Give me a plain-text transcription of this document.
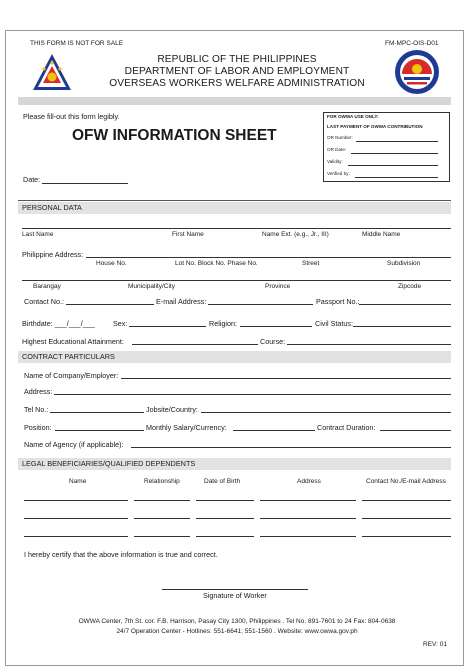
THIS FORM IS NOT FOR SALE	FM-MPC-OIS-D01
REPUBLIC OF THE PHILIPPINES
DEPARTMENT OF LABOR AND EMPLOYMENT
OVERSEAS WORKERS WELFARE ADMINISTRATION
Please fill-out this form legibly.
OFW INFORMATION SHEET
Date:
FOR OWWA USE ONLY:
LAST PAYMENT OF OWWA CONTRIBUTION
OR Number:
OR Date:
Validity:
Verified by:
PERSONAL DATA
Last Name	First Name	Name Ext. (e.g., Jr., III)	Middle Name
Philippine Address:
House No.	Lot No. Block No. Phase No.	Street	Subdivision
Barangay	Municipality/City	Province	Zipcode
Contact No.:	E-mail Address:	Passport No.:
Birthdate: ___/___/___	Sex:	Religion:	Civil Status:
Highest Educational Attainment:	Course:
CONTRACT PARTICULARS
Name of Company/Employer:
Address:
Tel No.:	Jobsite/Country:
Position:	Monthly Salary/Currency:	Contract Duration:
Name of Agency (if applicable):
LEGAL BENEFICIARIES/QUALIFIED DEPENDENTS
Name	Relationship	Date of Birth	Address	Contact No./E-mail Address
I hereby certify that the above information is true and correct.
Signature of Worker
OWWA Center, 7th St. cor. F.B. Harrison, Pasay City 1300, Philippines . Tel No. 891-7601 to 24 Fax: 804-0638
24/7 Operation Center - Hotlines: 551-6641; 551-1560 . Website: www.owwa.gov.ph
REV: 01
